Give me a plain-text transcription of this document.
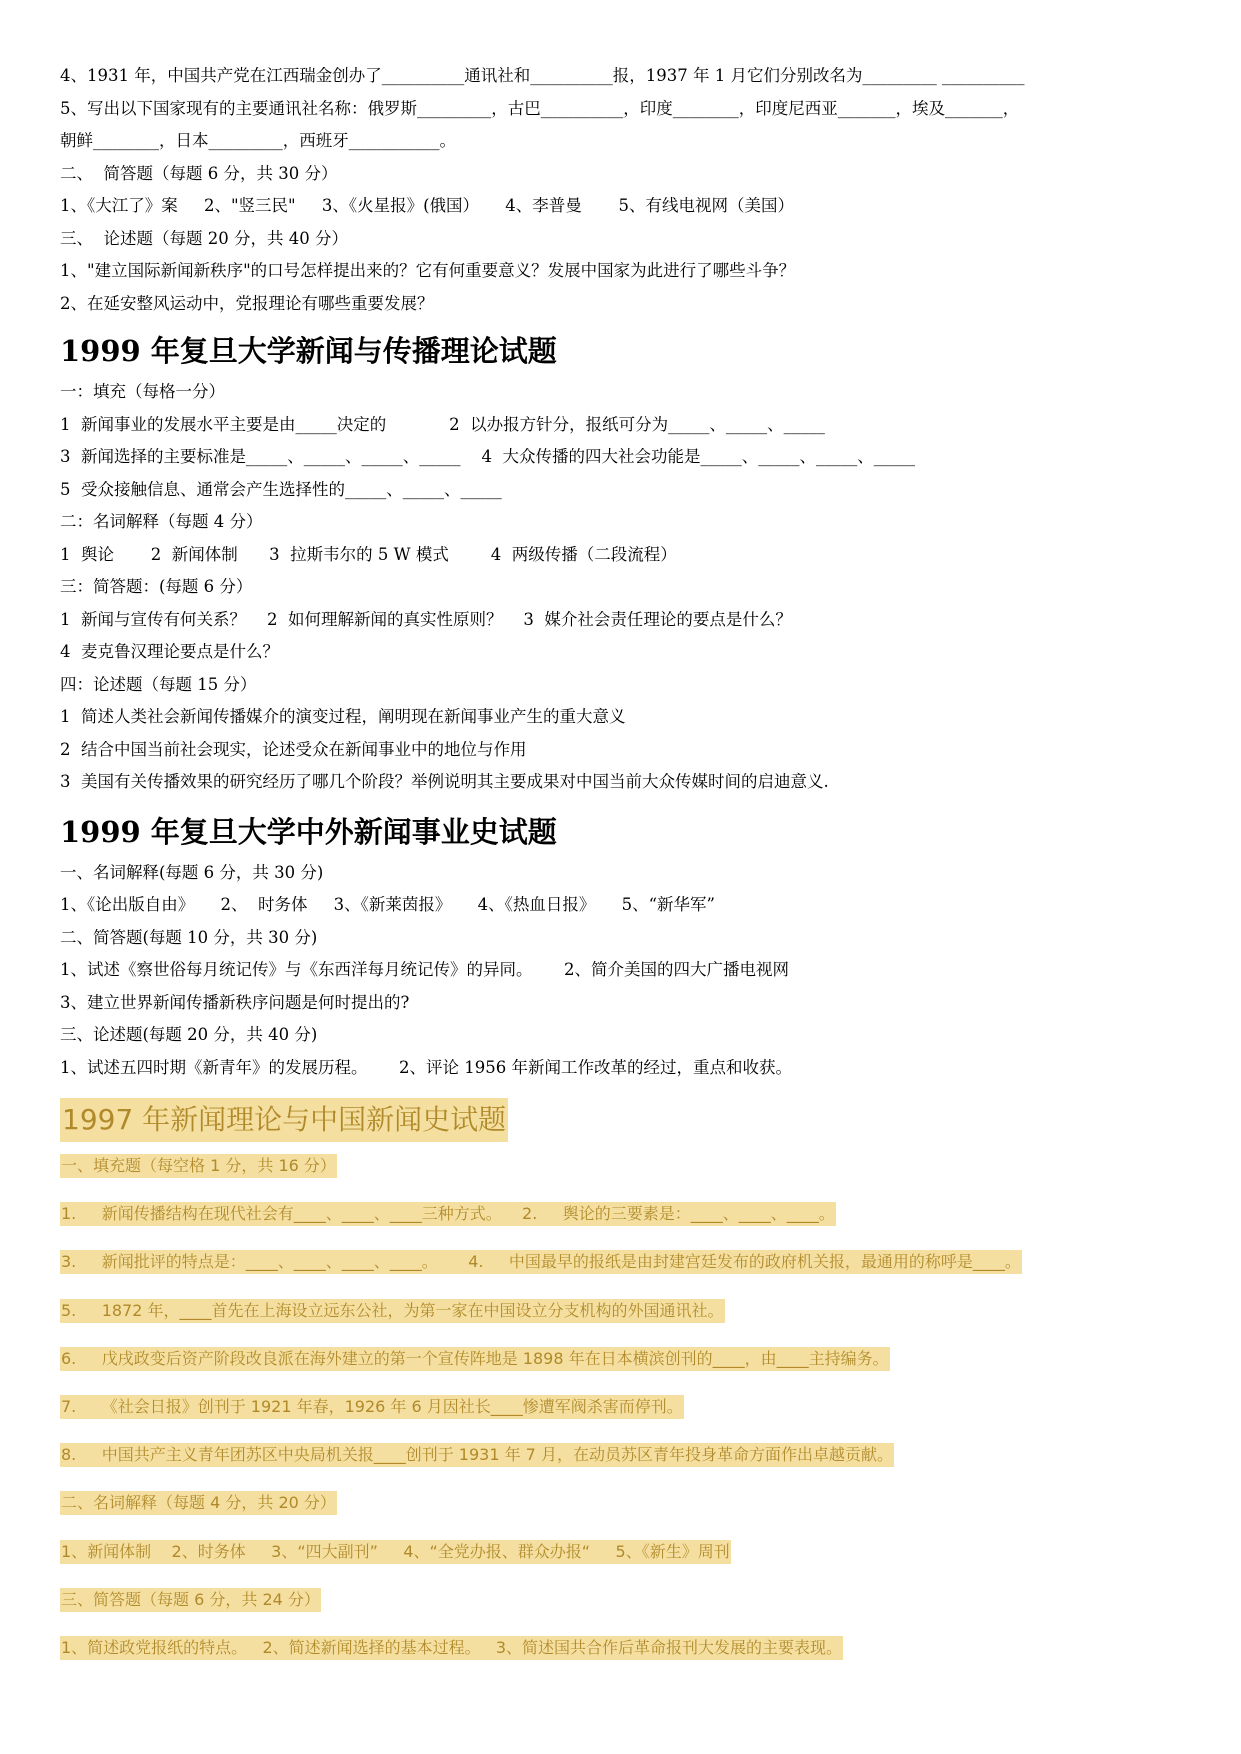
4、1931 年，中国共产党在江西瑞金创办了__________通讯社和__________报，1937 年 1 月它们分别改名为_________ __________
5、写出以下国家现有的主要通讯社名称：俄罗斯_________，古巴__________，印度________，印度尼西亚_______，埃及_______，
朝鲜________，日本_________，西班牙___________。
二、  简答题（每题 6 分，共 30 分）
1、《大江了》案     2、"竖三民"     3、《火星报》(俄国）     4、李普曼       5、有线电视网（美国）
三、  论述题（每题 20 分，共 40 分）
1、"建立国际新闻新秩序"的口号怎样提出来的？它有何重要意义？发展中国家为此进行了哪些斗争？
2、在延安整风运动中，党报理论有哪些重要发展？
1999 年复旦大学新闻与传播理论试题
一：填充（每格一分）
1  新闻事业的发展水平主要是由_____决定的            2  以办报方针分，报纸可分为_____、_____、_____
3  新闻选择的主要标准是_____、_____、_____、_____    4  大众传播的四大社会功能是_____、_____、_____、_____
5  受众接触信息、通常会产生选择性的_____、_____、_____
二：名词解释（每题 4 分）
1  舆论       2  新闻体制      3  拉斯韦尔的 5 W 模式        4  两级传播（二段流程）
三：简答题：(每题 6 分）
1  新闻与宣传有何关系？    2  如何理解新闻的真实性原则？    3  媒介社会责任理论的要点是什么？
4  麦克鲁汉理论要点是什么？
四：论述题（每题 15 分）
1  简述人类社会新闻传播媒介的演变过程，阐明现在新闻事业产生的重大意义
2  结合中国当前社会现实，论述受众在新闻事业中的地位与作用
3  美国有关传播效果的研究经历了哪几个阶段？举例说明其主要成果对中国当前大众传媒时间的启迪意义.
1999 年复旦大学中外新闻事业史试题
一、名词解释(每题 6 分，共 30 分)
1、《论出版自由》     2、  时务体     3、《新莱茵报》     4、《热血日报》     5、“新华军”
二、简答题(每题 10 分，共 30 分)
1、试述《察世俗每月统记传》与《东西洋每月统记传》的异同。      2、简介美国的四大广播电视网
3、建立世界新闻传播新秩序问题是何时提出的?
三、论述题(每题 20 分，共 40 分)
1、试述五四时期《新青年》的发展历程。      2、评论 1956 年新闻工作改革的经过，重点和收获。
1997 年新闻理论与中国新闻史试题
一、填充题（每空格 1 分，共 16 分）
1.     新闻传播结构在现代社会有____、____、____三种方式。    2.     舆论的三要素是：____、____、____。
3.     新闻批评的特点是：____、____、____、____。      4.     中国最早的报纸是由封建宫廷发布的政府机关报，最通用的称呼是____。
5.     1872 年，____首先在上海设立远东公社，为第一家在中国设立分支机构的外国通讯社。
6.     戊戌政变后资产阶段改良派在海外建立的第一个宣传阵地是 1898 年在日本横滨创刊的____，由____主持编务。
7.     《社会日报》创刊于 1921 年春，1926 年 6 月因社长____惨遭军阀杀害而停刊。
8.     中国共产主义青年团苏区中央局机关报____创刊于 1931 年 7 月，在动员苏区青年投身革命方面作出卓越贡献。
二、名词解释（每题 4 分，共 20 分）
1、新闻体制    2、时务体     3、“四大副刊”     4、“全党办报、群众办报“     5、《新生》周刊
三、简答题（每题 6 分，共 24 分）
1、简述政党报纸的特点。   2、简述新闻选择的基本过程。   3、简述国共合作后革命报刊大发展的主要表现。
